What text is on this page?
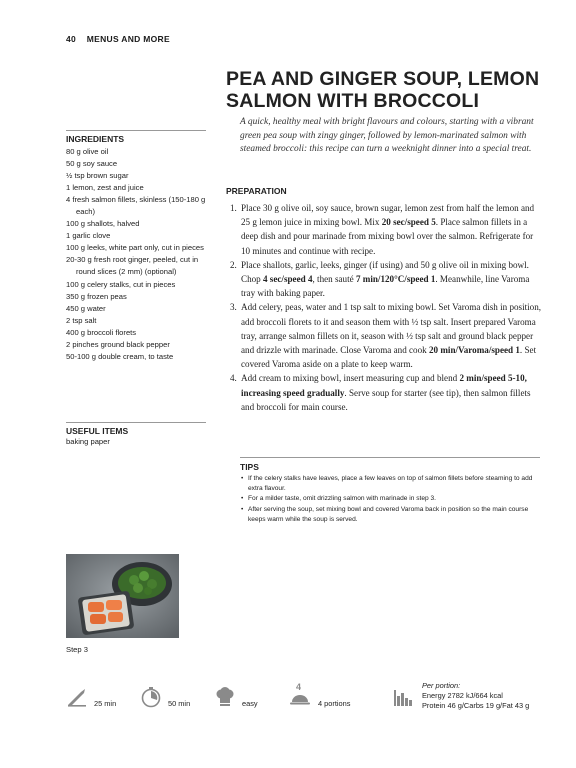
40 MENUS AND MORE
PEA AND GINGER SOUP, LEMON
SALMON WITH BROCCOLI
A quick, healthy meal with bright flavours and colours, starting with a vibrant green pea soup with zingy ginger, followed by lemon-marinated salmon with steamed broccoli: this recipe can turn a weeknight dinner into a special treat.
INGREDIENTS
80 g olive oil
50 g soy sauce
½ tsp brown sugar
1 lemon, zest and juice
4 fresh salmon fillets, skinless (150-180 g each)
100 g shallots, halved
1 garlic clove
100 g leeks, white part only, cut in pieces
20-30 g fresh root ginger, peeled, cut in round slices (2 mm) (optional)
100 g celery stalks, cut in pieces
350 g frozen peas
450 g water
2 tsp salt
400 g broccoli florets
2 pinches ground black pepper
50-100 g double cream, to taste
USEFUL ITEMS
baking paper
PREPARATION
1. Place 30 g olive oil, soy sauce, brown sugar, lemon zest from half the lemon and 25 g lemon juice in mixing bowl. Mix 20 sec/speed 5. Place salmon fillets in a deep dish and pour marinade from mixing bowl over the salmon. Refrigerate for 10 minutes and continue with recipe.
2. Place shallots, garlic, leeks, ginger (if using) and 50 g olive oil in mixing bowl. Chop 4 sec/speed 4, then sauté 7 min/120°C/speed 1. Meanwhile, line Varoma tray with baking paper.
3. Add celery, peas, water and 1 tsp salt to mixing bowl. Set Varoma dish in position, add broccoli florets to it and season them with ½ tsp salt. Insert prepared Varoma tray, arrange salmon fillets on it, season with ½ tsp salt and ground black pepper and drizzle with marinade. Close Varoma and cook 20 min/Varoma/speed 1. Set covered Varoma aside on a plate to keep warm.
4. Add cream to mixing bowl, insert measuring cup and blend 2 min/speed 5-10, increasing speed gradually. Serve soup for starter (see tip), then salmon fillets and broccoli for main course.
TIPS
• If the celery stalks have leaves, place a few leaves on top of salmon fillets before steaming to add extra flavour.
• For a milder taste, omit drizzling salmon with marinade in step 3.
• After serving the soup, set mixing bowl and covered Varoma back in position so the main course keeps warm while the soup is served.
Step 3
25 min	50 min	easy
4
4 portions
Per portion:
Energy 2782 kJ/664 kcal
Protein 46 g/Carbs 19 g/Fat 43 g
